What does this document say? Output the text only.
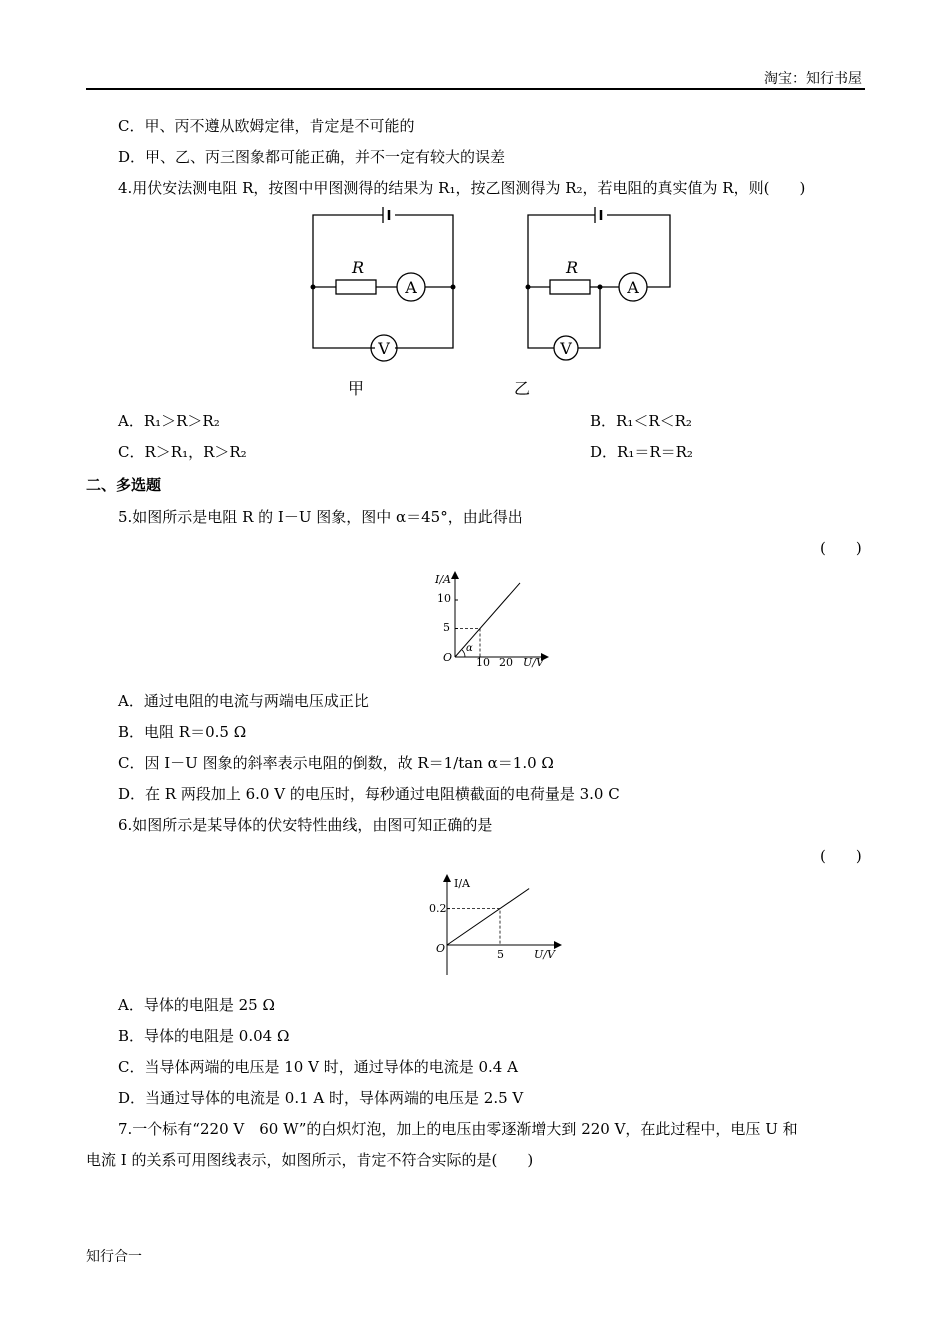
淘宝：知行书屋
C．甲、丙不遵从欧姆定律，肯定是不可能的
D．甲、乙、丙三图象都可能正确，并不一定有较大的误差
4.用伏安法测电阻 R，按图中甲图测得的结果为 R₁，按乙图测得为 R₂，若电阻的真实值为 R，则(　　)
R
A
V
R
A
V
甲	乙
A．R₁＞R＞R₂	B．R₁＜R＜R₂
C．R＞R₁，R＞R₂	D．R₁＝R＝R₂
二、多选题
5.如图所示是电阻 R 的 I－U 图象，图中 α＝45°，由此得出
(　　)
I/A
U/V
O
10
5
10 20
α
A．通过电阻的电流与两端电压成正比
B．电阻 R＝0.5 Ω
C．因 I－U 图象的斜率表示电阻的倒数，故 R＝1/tan α＝1.0 Ω
D．在 R 两段加上 6.0 V 的电压时，每秒通过电阻横截面的电荷量是 3.0 C
6.如图所示是某导体的伏安特性曲线，由图可知正确的是
(　　)
I/A
U/V
O
0.2
5
A．导体的电阻是 25 Ω
B．导体的电阻是 0.04 Ω
C．当导体两端的电压是 10 V 时，通过导体的电流是 0.4 A
D．当通过导体的电流是 0.1 A 时，导体两端的电压是 2.5 V
7.一个标有“220 V　60 W”的白炽灯泡，加上的电压由零逐渐增大到 220 V，在此过程中，电压 U 和
电流 I 的关系可用图线表示，如图所示，肯定不符合实际的是(　　)
知行合一
